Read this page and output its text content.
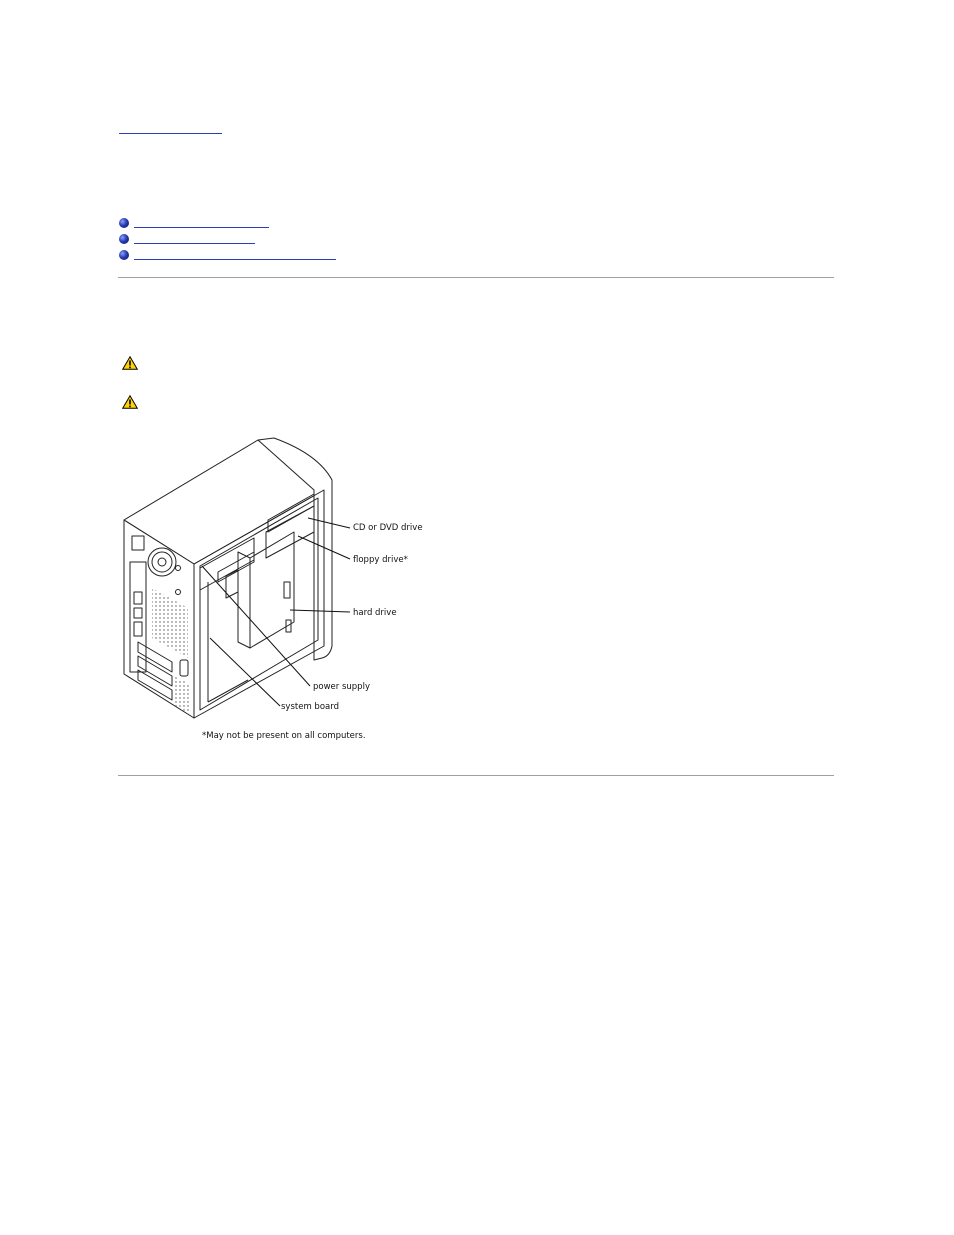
CD or DVD drive
floppy drive*
hard drive
power supply
system board
*May not be present on all computers.
